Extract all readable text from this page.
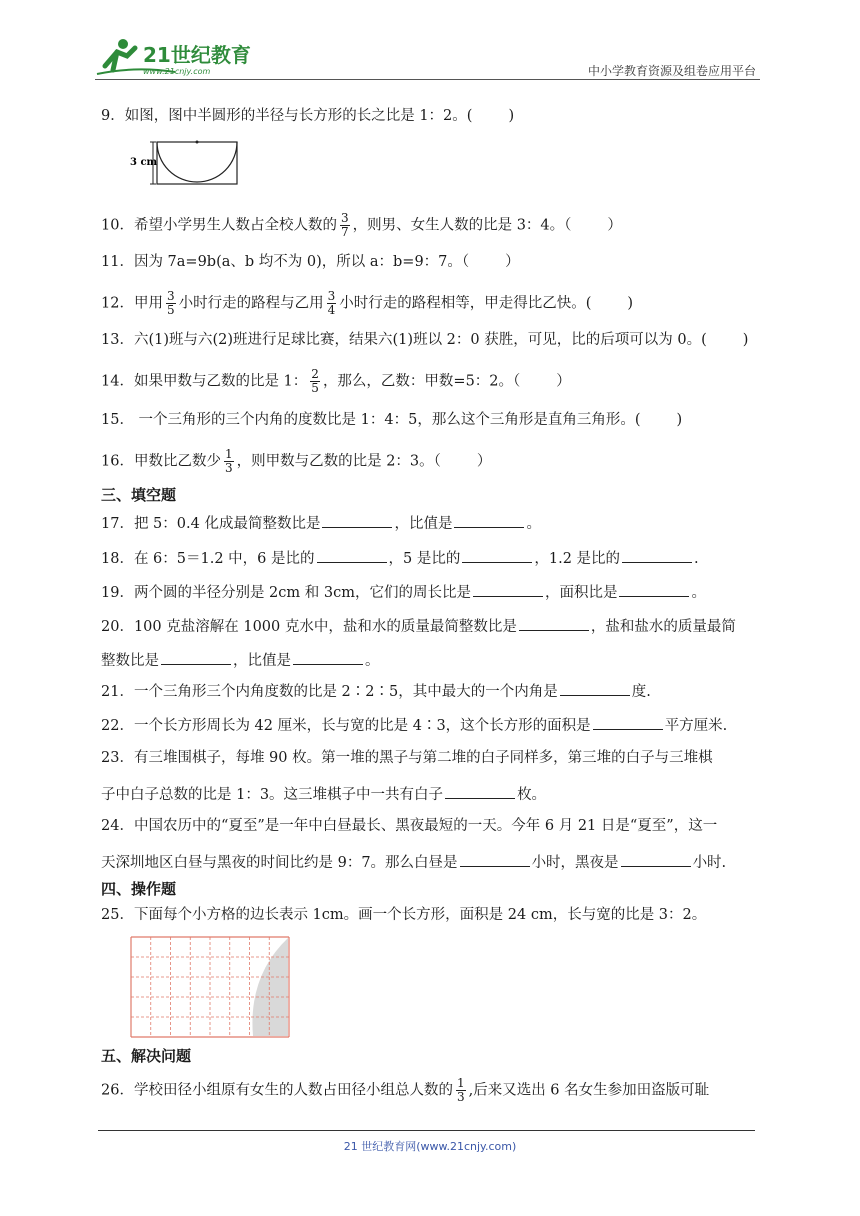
21世纪教育
www.21cnjy.com	中小学教育资源及组卷应用平台
9．如图，图中半圆形的半径与长方形的长之比是 1：2。( )
3 cm
10．希望小学男生人数占全校人数的 $\frac{3}{7}$ ，则男、女生人数的比是 3：4。（ ）
11．因为 7a=9b(a、b 均不为 0)，所以 a：b=9：7。（ ）
12．甲用 $\frac{3}{5}$ 小时行走的路程与乙用 $\frac{3}{4}$ 小时行走的路程相等，甲走得比乙快。( )
13．六(1)班与六(2)班进行足球比赛，结果六(1)班以 2：0 获胜，可见，比的后项可以为 0。( )
14．如果甲数与乙数的比是 1： $\frac{2}{5}$ ，那么，乙数：甲数=5：2。（ ）
15． 一个三角形的三个内角的度数比是 1：4：5，那么这个三角形是直角三角形。( )
16．甲数比乙数少 $\frac{1}{3}$ ，则甲数与乙数的比是 2：3。（ ）
三、填空题
17．把 5：0.4 化成最简整数比是	，比值是	。
18．在 6：5＝1.2 中，6 是比的	，5 是比的	，1.2 是比的	.
19．两个圆的半径分别是 2cm 和 3cm，它们的周长比是	，面积比是	。
20．100 克盐溶解在 1000 克水中，盐和水的质量最简整数比是	，盐和盐水的质量最简
整数比是	，比值是	。
21．一个三角形三个内角度数的比是 2∶2∶5，其中最大的一个内角是	度.
22．一个长方形周长为 42 厘米，长与宽的比是 4∶3，这个长方形的面积是	平方厘米.
23．有三堆围棋子，每堆 90 枚。第一堆的黑子与第二堆的白子同样多，第三堆的白子与三堆棋
子中白子总数的比是 1：3。这三堆棋子中一共有白子	枚。
24．中国农历中的“夏至”是一年中白昼最长、黑夜最短的一天。今年 6 月 21 日是“夏至”，这一
天深圳地区白昼与黑夜的时间比约是 9：7。那么白昼是	小时，黑夜是	小时.
四、操作题
25．下面每个小方格的边长表示 1cm。画一个长方形，面积是 24 cm，长与宽的比是 3：2。
五、解决问题
26．学校田径小组原有女生的人数占田径小组总人数的 $\frac{1}{3}$ ,后来又选出 6 名女生参加田盗版可耻
21 世纪教育网(www.21cnjy.com)
